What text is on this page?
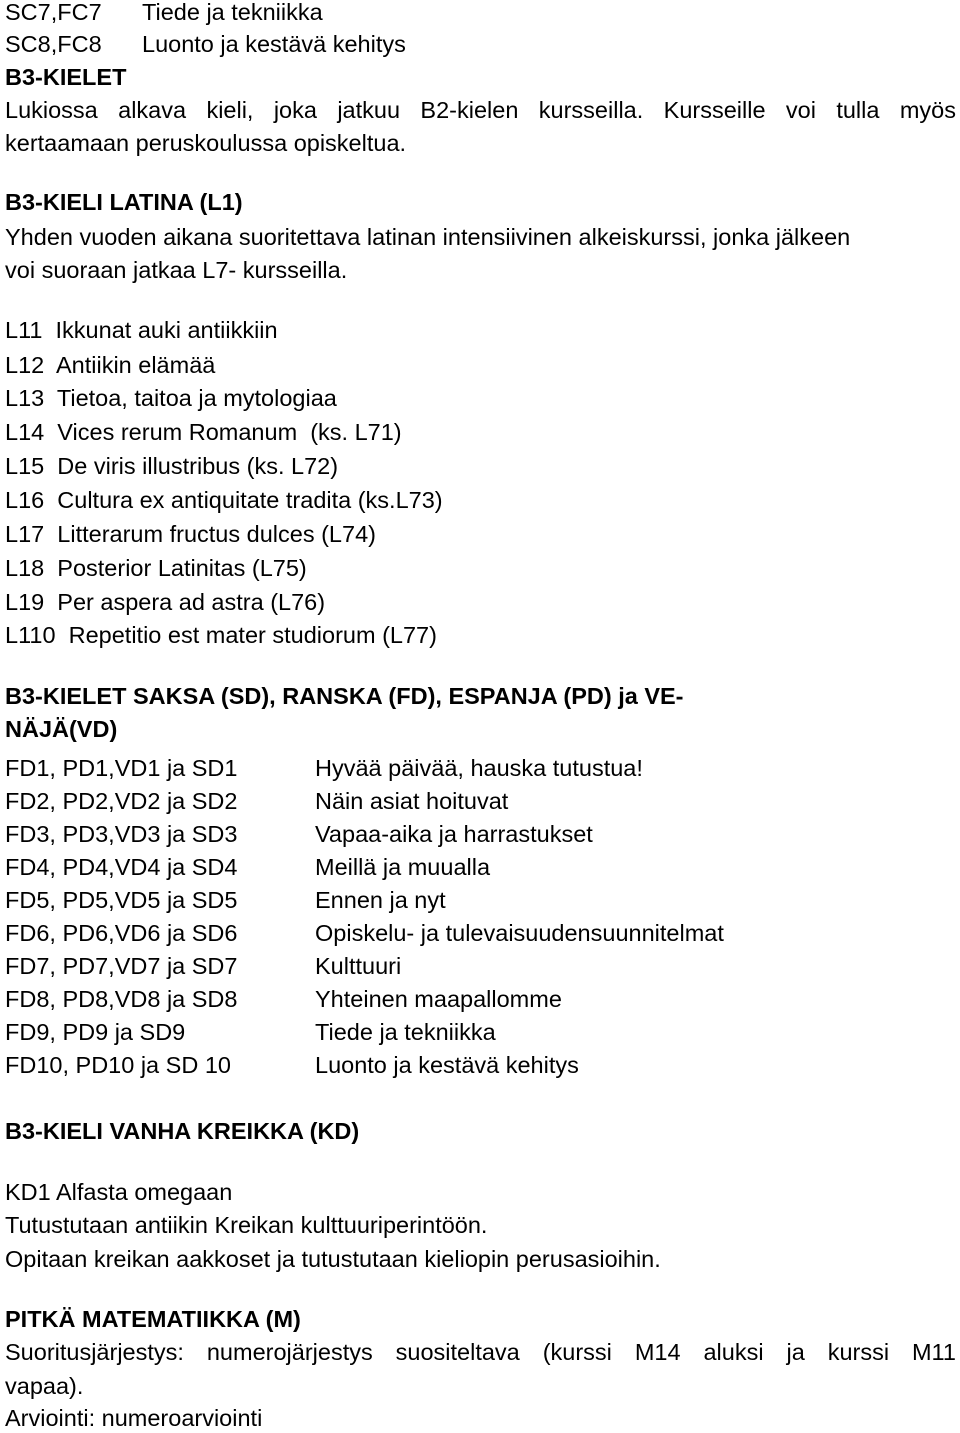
SC7,FC7 Tiede ja tekniikka
SC8,FC8 Luonto ja kestävä kehitys
B3-KIELET
Lukiossa alkava kieli, joka jatkuu B2-kielen kursseilla. Kursseille voi tulla myös
kertaamaan peruskoulussa opiskeltua.
B3-KIELI LATINA (L1)
Yhden vuoden aikana suoritettava latinan intensiivinen alkeiskurssi, jonka jälkeen
voi suoraan jatkaa L7- kursseilla.
L11 Ikkunat auki antiikkiin
L12 Antiikin elämää
L13 Tietoa, taitoa ja mytologiaa
L14 Vices rerum Romanum  (ks. L71)
L15 De viris illustribus (ks. L72)
L16 Cultura ex antiquitate tradita (ks.L73)
L17 Litterarum fructus dulces (L74)
L18 Posterior Latinitas (L75)
L19 Per aspera ad astra (L76)
L110 Repetitio est mater studiorum (L77)
B3-KIELET SAKSA (SD), RANSKA (FD), ESPANJA (PD) ja VE-
NÄJÄ(VD)
FD1, PD1,VD1 ja SD1	Hyvää päivää, hauska tutustua!
FD2, PD2,VD2 ja SD2	Näin asiat hoituvat
FD3, PD3,VD3 ja SD3	Vapaa-aika ja harrastukset
FD4, PD4,VD4 ja SD4	Meillä ja muualla
FD5, PD5,VD5 ja SD5	Ennen ja nyt
FD6, PD6,VD6 ja SD6	Opiskelu- ja tulevaisuudensuunnitelmat
FD7, PD7,VD7 ja SD7	Kulttuuri
FD8, PD8,VD8 ja SD8	Yhteinen maapallomme
FD9, PD9 ja SD9	Tiede ja tekniikka
FD10, PD10 ja SD 10	Luonto ja kestävä kehitys
B3-KIELI VANHA KREIKKA (KD)
KD1 Alfasta omegaan
Tutustutaan antiikin Kreikan kulttuuriperintöön.
Opitaan kreikan aakkoset ja tutustutaan kieliopin perusasioihin.
PITKÄ MATEMATIIKKA (M)
Suoritusjärjestys: numerojärjestys suositeltava (kurssi M14 aluksi ja kurssi M11
vapaa).
Arviointi: numeroarviointi
